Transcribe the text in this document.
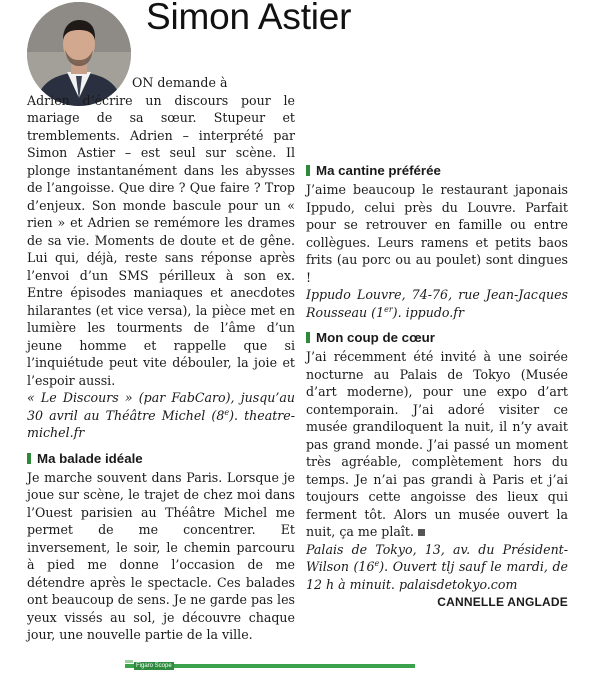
Simon Astier

ON demande à

Adrien d’écrire un discours pour le mariage de sa sœur. Stupeur et tremblements. Adrien – interprété par Simon Astier – est seul sur scène. Il plonge instantanément dans les abysses de l’angoisse. Que dire ? Que faire ? Trop d’enjeux. Son monde bascule pour un « rien » et Adrien se remémore les drames de sa vie. Moments de doute et de gêne. Lui qui, déjà, reste sans réponse après l’envoi d’un SMS périlleux à son ex. Entre épisodes maniaques et anecdotes hilarantes (et vice versa), la pièce met en lumière les tourments de l’âme d’un jeune homme et rappelle que si l’inquiétude peut vite débouler, la joie et l’espoir aussi.

« Le Discours » (par FabCaro), jusqu’au 30 avril au Théâtre Michel (8e). theatre-michel.fr

Ma balade idéale

Je marche souvent dans Paris. Lorsque je joue sur scène, le trajet de chez moi dans l’Ouest parisien au Théâtre Michel me permet de me concentrer. Et inversement, le soir, le chemin parcouru à pied me donne l’occasion de me détendre après le spectacle. Ces balades ont beaucoup de sens. Je ne garde pas les yeux vissés au sol, je découvre chaque jour, une nouvelle partie de la ville.

Ma cantine préférée

J’aime beaucoup le restaurant japonais Ippudo, celui près du Louvre. Parfait pour se retrouver en famille ou entre collègues. Leurs ramens et petits baos frits (au porc ou au poulet) sont dingues !

Ippudo Louvre, 74-76, rue Jean-Jacques Rousseau (1er). ippudo.fr

Mon coup de cœur

J’ai récemment été invité à une soirée nocturne au Palais de Tokyo (Musée d’art moderne), pour une expo d’art contemporain. J’ai adoré visiter ce musée grandiloquent la nuit, il n’y avait pas grand monde. J’ai passé un moment très agréable, complètement hors du temps. Je n’ai pas grandi à Paris et j’ai toujours cette angoisse des lieux qui ferment tôt. Alors un musée ouvert la nuit, ça me plaît.

Palais de Tokyo, 13, av. du Président-Wilson (16e). Ouvert tlj sauf le mardi, de 12 h à minuit. palaisdetokyo.com

CANNELLE ANGLADE
Figaro Scope
